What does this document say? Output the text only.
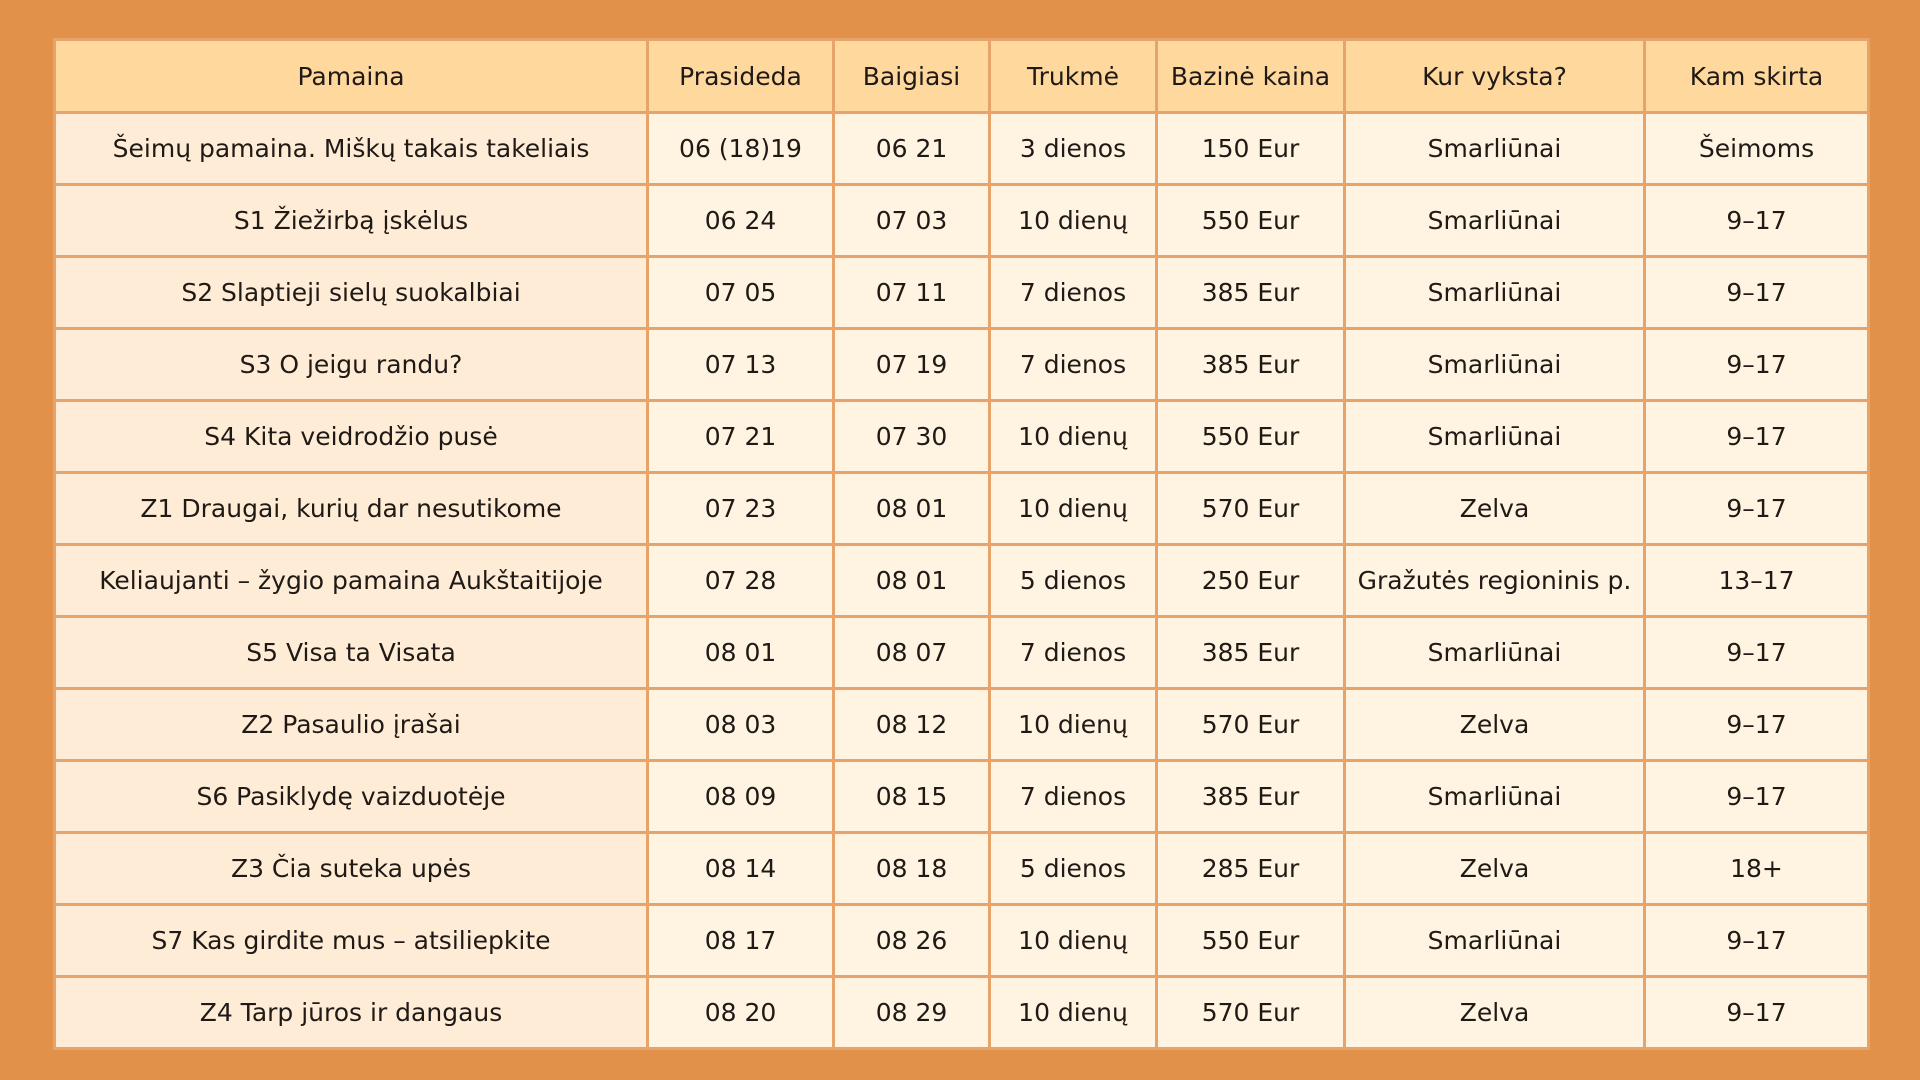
Pamaina	Prasideda	Baigiasi	Trukmė	Bazinė kaina	Kur vyksta?	Kam skirta
Šeimų pamaina. Miškų takais takeliais	06 (18)19	06 21	3 dienos	150 Eur	Smarliūnai	Šeimoms
S1 Žiežirbą įskėlus	06 24	07 03	10 dienų	550 Eur	Smarliūnai	9–17
S2 Slaptieji sielų suokalbiai	07 05	07 11	7 dienos	385 Eur	Smarliūnai	9–17
S3 O jeigu randu?	07 13	07 19	7 dienos	385 Eur	Smarliūnai	9–17
S4 Kita veidrodžio pusė	07 21	07 30	10 dienų	550 Eur	Smarliūnai	9–17
Z1 Draugai, kurių dar nesutikome	07 23	08 01	10 dienų	570 Eur	Zelva	9–17
Keliaujanti – žygio pamaina Aukštaitijoje	07 28	08 01	5 dienos	250 Eur	Gražutės regioninis p.	13–17
S5 Visa ta Visata	08 01	08 07	7 dienos	385 Eur	Smarliūnai	9–17
Z2 Pasaulio įrašai	08 03	08 12	10 dienų	570 Eur	Zelva	9–17
S6 Pasiklydę vaizduotėje	08 09	08 15	7 dienos	385 Eur	Smarliūnai	9–17
Z3 Čia suteka upės	08 14	08 18	5 dienos	285 Eur	Zelva	18+
S7 Kas girdite mus – atsiliepkite	08 17	08 26	10 dienų	550 Eur	Smarliūnai	9–17
Z4 Tarp jūros ir dangaus	08 20	08 29	10 dienų	570 Eur	Zelva	9–17
